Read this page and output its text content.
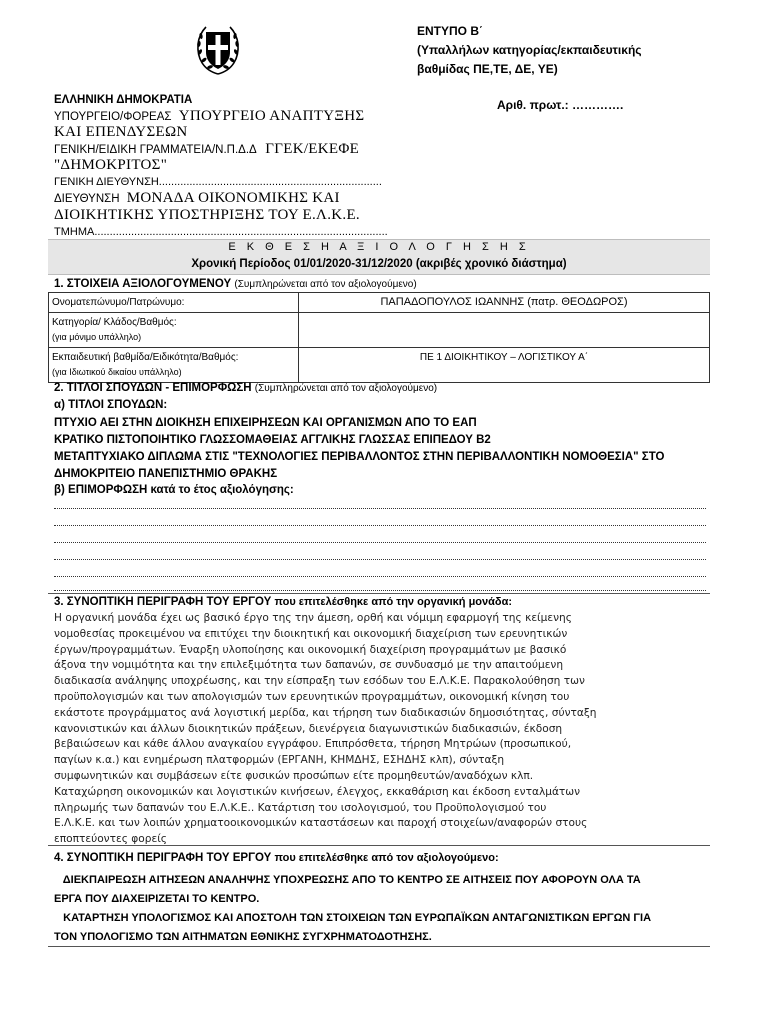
ΕΛΛΗΝΙΚΗ ΔΗΜΟΚΡΑΤΙΑ
ΥΠΟΥΡΓΕΙΟ/ΦΟΡΕΑΣ ΥΠΟΥΡΓΕΙΟ ΑΝΑΠΤΥΞΗΣ
ΚΑΙ ΕΠΕΝΔΥΣΕΩΝ
ΓΕΝΙΚΗ/ΕΙΔΙΚΗ ΓΡΑΜΜΑΤΕΙΑ/Ν.Π.Δ.Δ ΓΓΕΚ/ΕΚΕΦΕ
"ΔΗΜΟΚΡΙΤΟΣ"
ΓΕΝΙΚΗ ΔΙΕΥΘΥΝΣΗ.........................................................................
ΔΙΕΥΘΥΝΣΗ ΜΟΝΑΔΑ ΟΙΚΟΝΟΜΙΚΗΣ ΚΑΙ
ΔΙΟΙΚΗΤΙΚΗΣ ΥΠΟΣΤΗΡΙΞΗΣ ΤΟΥ Ε.Λ.Κ.Ε.
ΤΜΗΜΑ................................................................................................
ΕΝΤΥΠΟ Β΄
(Υπαλλήλων κατηγορίας/εκπαιδευτικής
βαθμίδας ΠΕ,ΤΕ, ΔΕ, ΥΕ)
Αριθ. πρωτ.: ………….
Ε Κ Θ Ε Σ Η Α Ξ Ι Ο Λ Ο Γ Η Σ Η Σ
Χρονική Περίοδος 01/01/2020-31/12/2020 (ακριβές χρονικό διάστημα)
1. ΣΤΟΙΧΕΙΑ ΑΞΙΟΛΟΓΟΥΜΕΝΟΥ (Συμπληρώνεται από τον αξιολογούμενο)
Ονοματεπώνυμο/Πατρώνυμο:	ΠΑΠΑΔΟΠΟΥΛΟΣ ΙΩΑΝΝΗΣ (πατρ. ΘΕΟΔΩΡΟΣ)

Κατηγορία/ Κλάδος/Βαθμός:
(για μόνιμο υπάλληλο)	

Εκπαιδευτική βαθμίδα/Ειδικότητα/Βαθμός:
(για Ιδιωτικού δικαίου υπάλληλο)	ΠΕ 1 ΔΙΟΙΚΗΤΙΚΟΥ – ΛΟΓΙΣΤΙΚΟΥ Α΄
2. ΤΙΤΛΟΙ ΣΠΟΥΔΩΝ - ΕΠΙΜΟΡΦΩΣΗ (Συμπληρώνεται από τον αξιολογούμενο)
α) ΤΙΤΛΟΙ ΣΠΟΥΔΩΝ:
ΠΤΥΧΙΟ ΑΕΙ ΣΤΗΝ ΔΙΟΙΚΗΣΗ ΕΠΙΧΕΙΡΗΣΕΩΝ ΚΑΙ ΟΡΓΑΝΙΣΜΩΝ ΑΠΟ ΤΟ ΕΑΠ
ΚΡΑΤΙΚΟ ΠΙΣΤΟΠΟΙΗΤΙΚΟ ΓΛΩΣΣΟΜΑΘΕΙΑΣ ΑΓΓΛΙΚΗΣ ΓΛΩΣΣΑΣ ΕΠΙΠΕΔΟΥ Β2
ΜΕΤΑΠΤΥΧΙΑΚΟ ΔΙΠΛΩΜΑ ΣΤΙΣ "ΤΕΧΝΟΛΟΓΙΕΣ ΠΕΡΙΒΑΛΛΟΝΤΟΣ ΣΤΗΝ ΠΕΡΙΒΑΛΛΟΝΤΙΚΗ ΝΟΜΟΘΕΣΙΑ" ΣΤΟ
ΔΗΜΟΚΡΙΤΕΙΟ ΠΑΝΕΠΙΣΤΗΜΙΟ ΘΡΑΚΗΣ
β) ΕΠΙΜΟΡΦΩΣΗ κατά το έτος αξιολόγησης:
3. ΣΥΝΟΠΤΙΚΗ ΠΕΡΙΓΡΑΦΗ ΤΟΥ ΕΡΓΟΥ που επιτελέσθηκε από την οργανική μονάδα:
Η οργανική μονάδα έχει ως βασικό έργο της την άμεση, ορθή και νόμιμη εφαρμογή της κείμενης
νομοθεσίας προκειμένου να επιτύχει την διοικητική και οικονομική διαχείριση των ερευνητικών
έργων/προγραμμάτων. Έναρξη υλοποίησης και οικονομική διαχείριση προγραμμάτων με βασικό
άξονα την νομιμότητα και την επιλεξιμότητα των δαπανών, σε συνδυασμό με την απαιτούμενη
διαδικασία ανάληψης υποχρέωσης, και την είσπραξη των εσόδων του Ε.Λ.Κ.Ε. Παρακολούθηση των
προϋπολογισμών και των απολογισμών των ερευνητικών προγραμμάτων, οικονομική κίνηση του
εκάστοτε προγράμματος ανά λογιστική μερίδα, και τήρηση των διαδικασιών δημοσιότητας, σύνταξη
κανονιστικών και άλλων διοικητικών πράξεων, διενέργεια διαγωνιστικών διαδικασιών, έκδοση
βεβαιώσεων και κάθε άλλου αναγκαίου εγγράφου. Επιπρόσθετα, τήρηση Μητρώων (προσωπικού,
παγίων κ.α.) και ενημέρωση πλατφορμών (ΕΡΓΑΝΗ, ΚΗΜΔΗΣ, ΕΣΗΔΗΣ κλπ), σύνταξη
συμφωνητικών και συμβάσεων είτε φυσικών προσώπων είτε προμηθευτών/αναδόχων κλπ.
Καταχώρηση οικονομικών και λογιστικών κινήσεων, έλεγχος, εκκαθάριση και έκδοση ενταλμάτων
πληρωμής των δαπανών του Ε.Λ.Κ.Ε.. Κατάρτιση του ισολογισμού, του Προϋπολογισμού του
Ε.Λ.Κ.Ε. και των λοιπών χρηματοοικονομικών καταστάσεων και παροχή στοιχείων/αναφορών στους
εποπτεύοντες φορείς
4. ΣΥΝΟΠΤΙΚΗ ΠΕΡΙΓΡΑΦΗ ΤΟΥ ΕΡΓΟΥ που επιτελέσθηκε από τον αξιολογούμενο:
ΔΙΕΚΠΑΙΡΕΩΣΗ ΑΙΤΗΣΕΩΝ ΑΝΑΛΗΨΗΣ ΥΠΟΧΡΕΩΣΗΣ ΑΠΟ ΤΟ ΚΕΝΤΡΟ ΣΕ ΑΙΤΗΣΕΙΣ ΠΟΥ ΑΦΟΡΟΥΝ ΟΛΑ ΤΑ
ΕΡΓΑ ΠΟΥ ΔΙΑΧΕΙΡΙΖΕΤΑΙ ΤΟ ΚΕΝΤΡΟ.
ΚΑΤΑΡΤΗΣΗ ΥΠΟΛΟΓΙΣΜΟΣ ΚΑΙ ΑΠΟΣΤΟΛΗ ΤΩΝ ΣΤΟΙΧΕΙΩΝ ΤΩΝ ΕΥΡΩΠΑΪΚΩΝ ΑΝΤΑΓΩΝΙΣΤΙΚΩΝ ΕΡΓΩΝ ΓΙΑ
ΤΟΝ ΥΠΟΛΟΓΙΣΜΟ ΤΩΝ ΑΙΤΗΜΑΤΩΝ ΕΘΝΙΚΗΣ ΣΥΓΧΡΗΜΑΤΟΔΟΤΗΣΗΣ.
